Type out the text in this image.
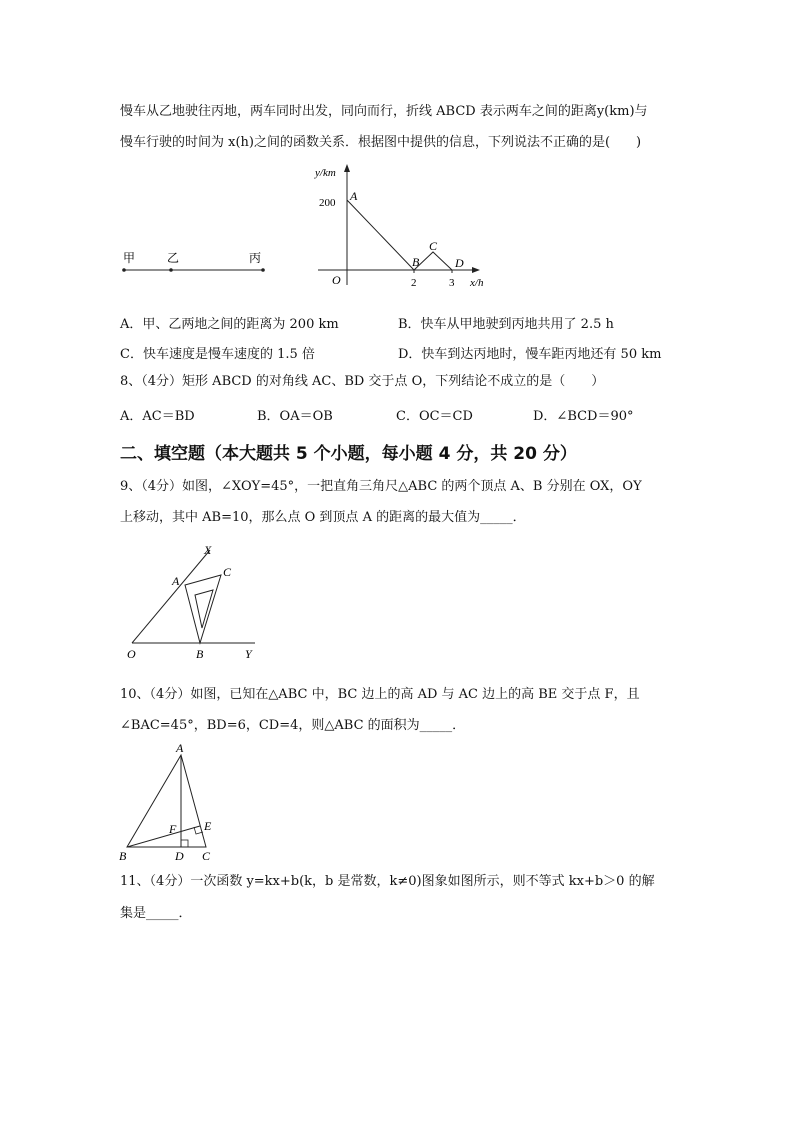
慢车从乙地驶往丙地，两车同时出发，同向而行，折线 ABCD 表示两车之间的距离y(km)与
慢车行驶的时间为 x(h)之间的函数关系．根据图中提供的信息，下列说法不正确的是(　　)
甲	乙	丙
y/km
x/h
O
200
2	3
A
B
C
D
A．甲、乙两地之间的距离为 200 km	B．快车从甲地驶到丙地共用了 2.5 h
C．快车速度是慢车速度的 1.5 倍	D．快车到达丙地时，慢车距丙地还有 50 km
8、（4分）矩形 ABCD 的对角线 AC、BD 交于点 O，下列结论不成立的是（　　）
A．AC＝BD	B．OA＝OB	C．OC＝CD	D．∠BCD＝90°
二、填空题（本大题共 5 个小题，每小题 4 分，共 20 分）
9、（4分）如图，∠XOY=45°，一把直角三角尺△ABC 的两个顶点 A、B 分别在 OX，OY
上移动，其中 AB=10，那么点 O 到顶点 A 的距离的最大值为_____．
X
A
C
O	B	Y
10、（4分）如图，已知在△ABC 中，BC 边上的高 AD 与 AC 边上的高 BE 交于点 F，且
∠BAC=45°，BD=6，CD=4，则△ABC 的面积为_____．
A
F E
B	D C
11、（4分）一次函数 y=kx+b(k，b 是常数，k≠0)图象如图所示，则不等式 kx+b＞0 的解
集是_____．
